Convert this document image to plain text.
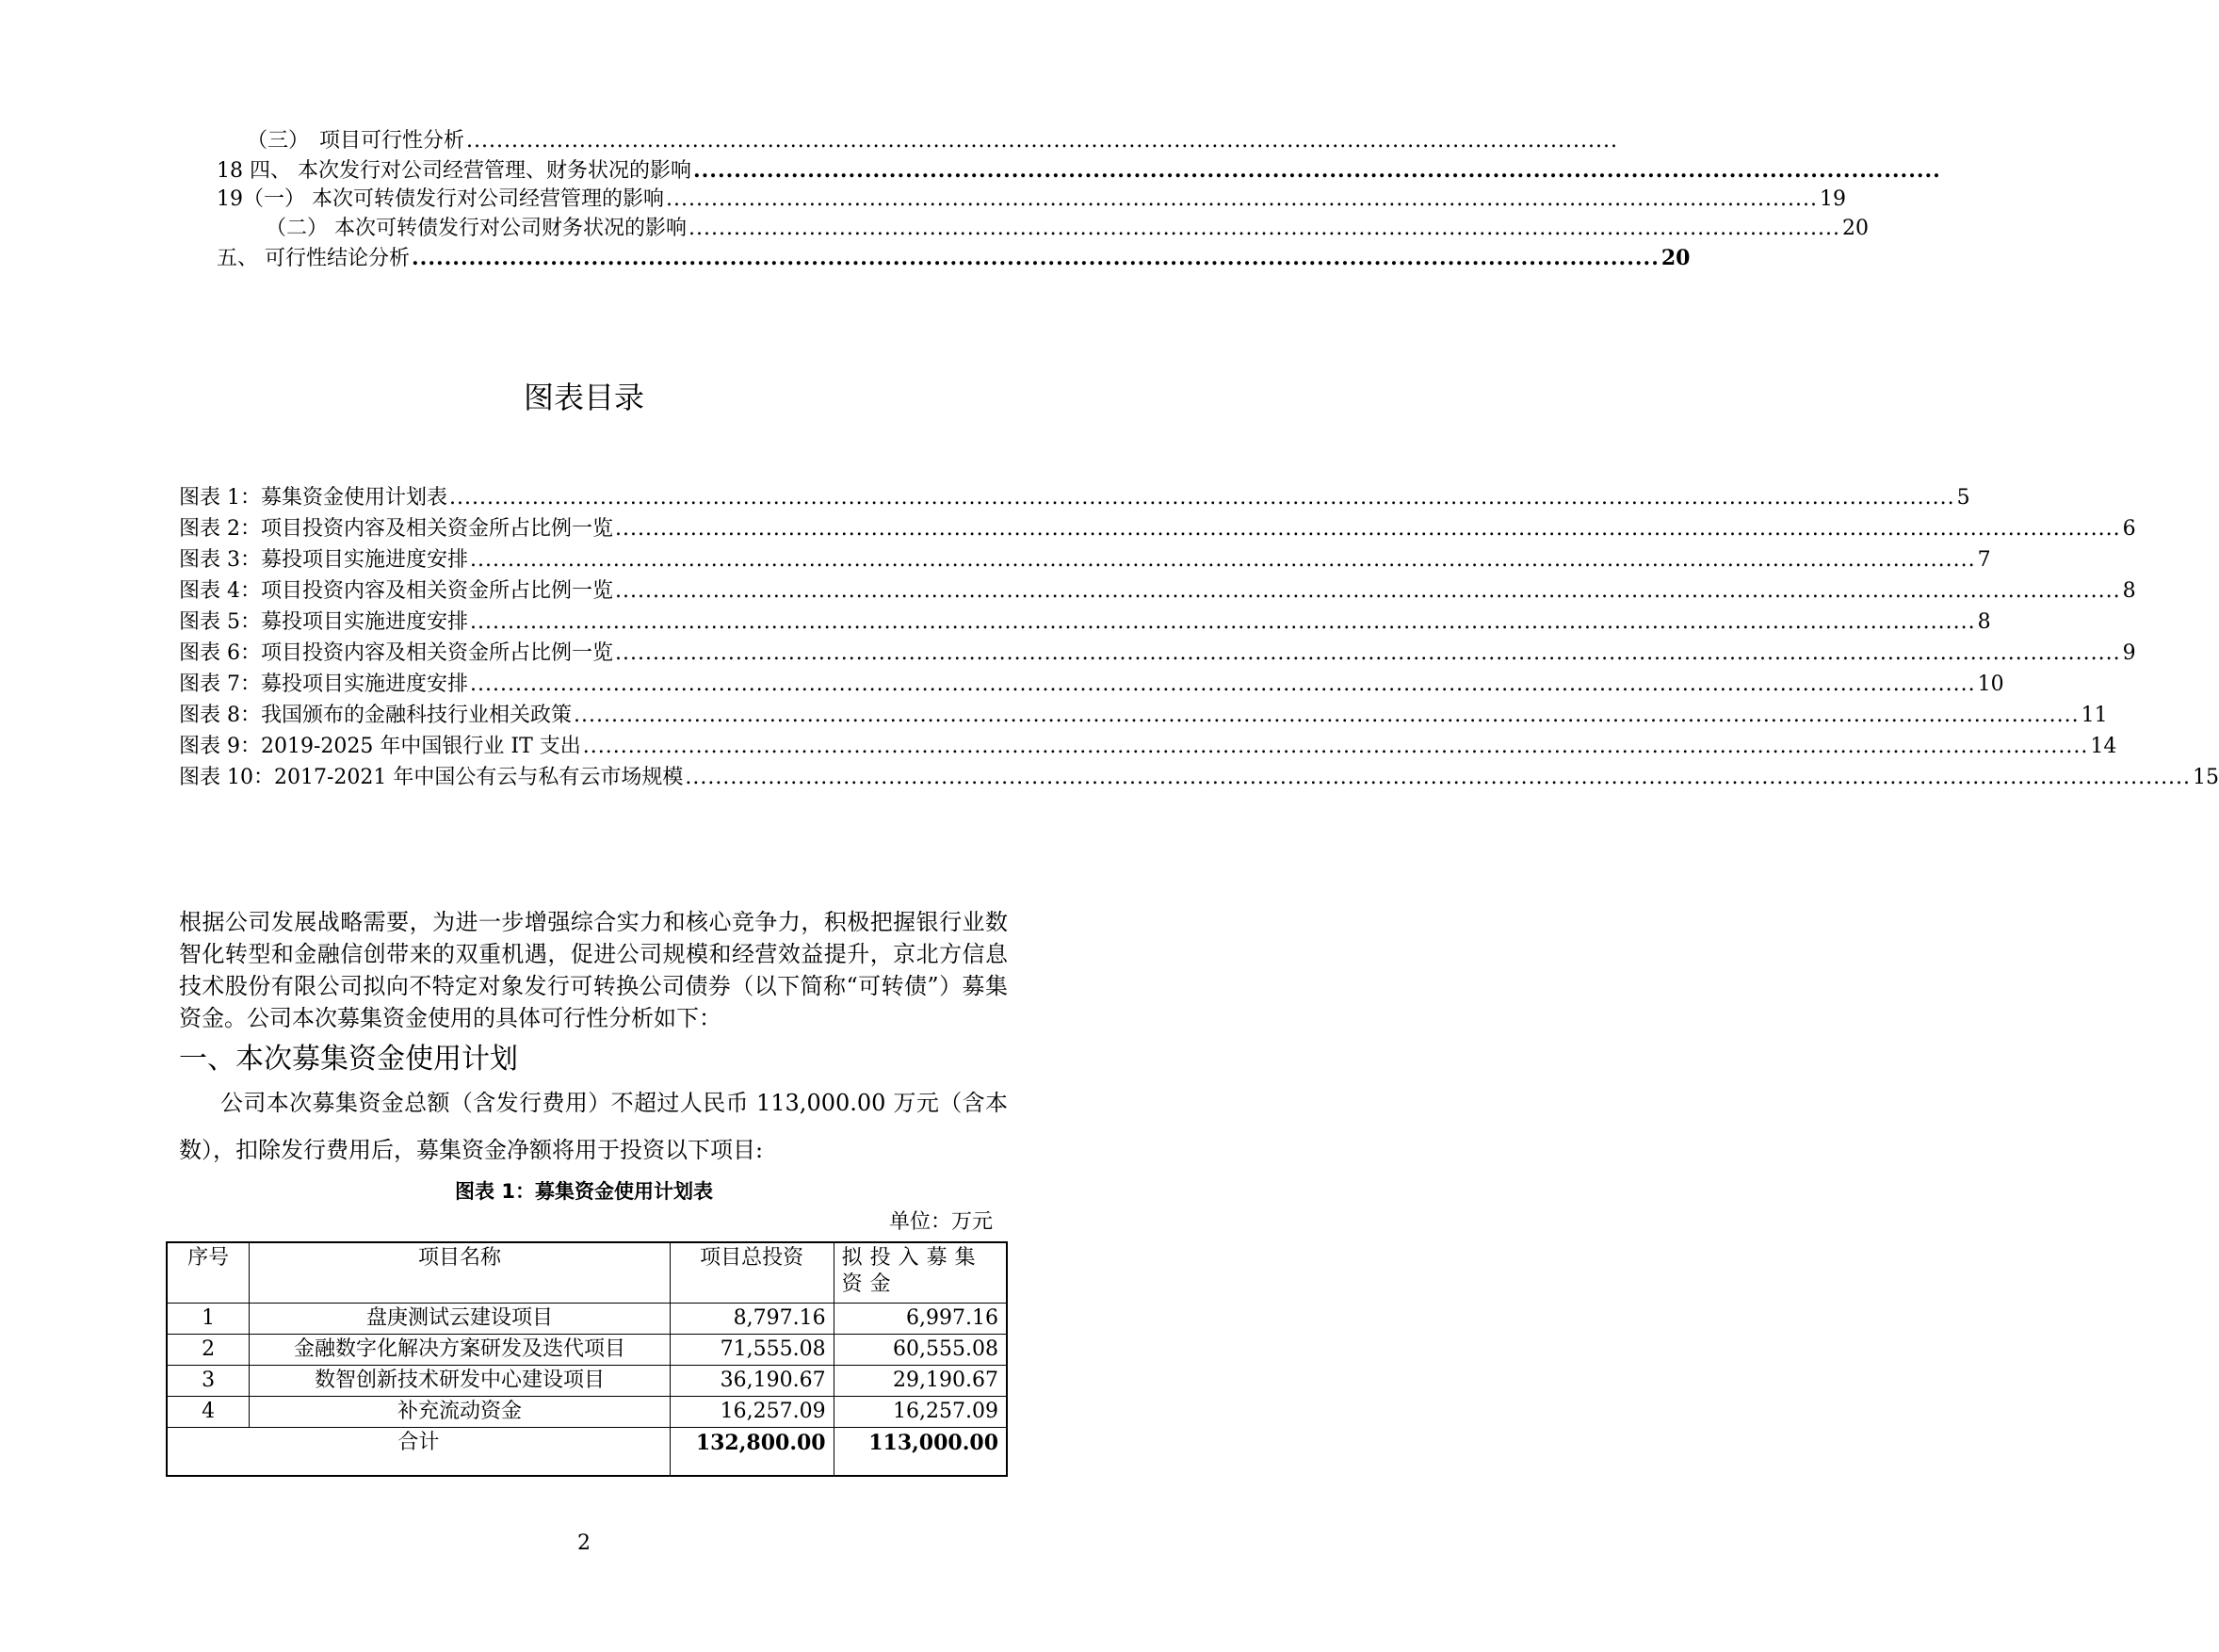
（三）　项目可行性分析 .........................................................................................................................................................
18 四、 本次发行对公司经营管理、财务状况的影响 .........................................................................................................................................................
19（一） 本次可转债发行对公司经营管理的影响 ......................................................................................................................................................... 19
（二） 本次可转债发行对公司财务状况的影响 ......................................................................................................................................................... 20
五、 可行性结论分析 ......................................................................................................................................................... 20
图表目录
图表 1：募集资金使用计划表 ........................................................................................................................................................................................................ 5
图表 2：项目投资内容及相关资金所占比例一览 ........................................................................................................................................................................................................ 6
图表 3：募投项目实施进度安排 ........................................................................................................................................................................................................ 7
图表 4：项目投资内容及相关资金所占比例一览 ........................................................................................................................................................................................................ 8
图表 5：募投项目实施进度安排 ........................................................................................................................................................................................................ 8
图表 6：项目投资内容及相关资金所占比例一览 ........................................................................................................................................................................................................ 9
图表 7：募投项目实施进度安排 ........................................................................................................................................................................................................ 10
图表 8：我国颁布的金融科技行业相关政策 ........................................................................................................................................................................................................ 11
图表 9：2019-2025 年中国银行业 IT 支出 ........................................................................................................................................................................................................ 14
图表 10：2017-2021 年中国公有云与私有云市场规模 ........................................................................................................................................................................................................ 15
根据公司发展战略需要，为进一步增强综合实力和核心竞争力，积极把握银行业数智化转型和金融信创带来的双重机遇，促进公司规模和经营效益提升，京北方信息技术股份有限公司拟向不特定对象发行可转换公司债券（以下简称“可转债”）募集资金。公司本次募集资金使用的具体可行性分析如下：
一、本次募集资金使用计划
公司本次募集资金总额（含发行费用）不超过人民币 113,000.00 万元（含本数），扣除发行费用后，募集资金净额将用于投资以下项目:
图表 1：募集资金使用计划表
单位：万元
序号	项目名称	项目总投资	拟投入募集资金
1	盘庚测试云建设项目	8,797.16	6,997.16
2	金融数字化解决方案研发及迭代项目	71,555.08	60,555.08
3	数智创新技术研发中心建设项目	36,190.67	29,190.67
4	补充流动资金	16,257.09	16,257.09
合计		132,800.00	113,000.00
2
